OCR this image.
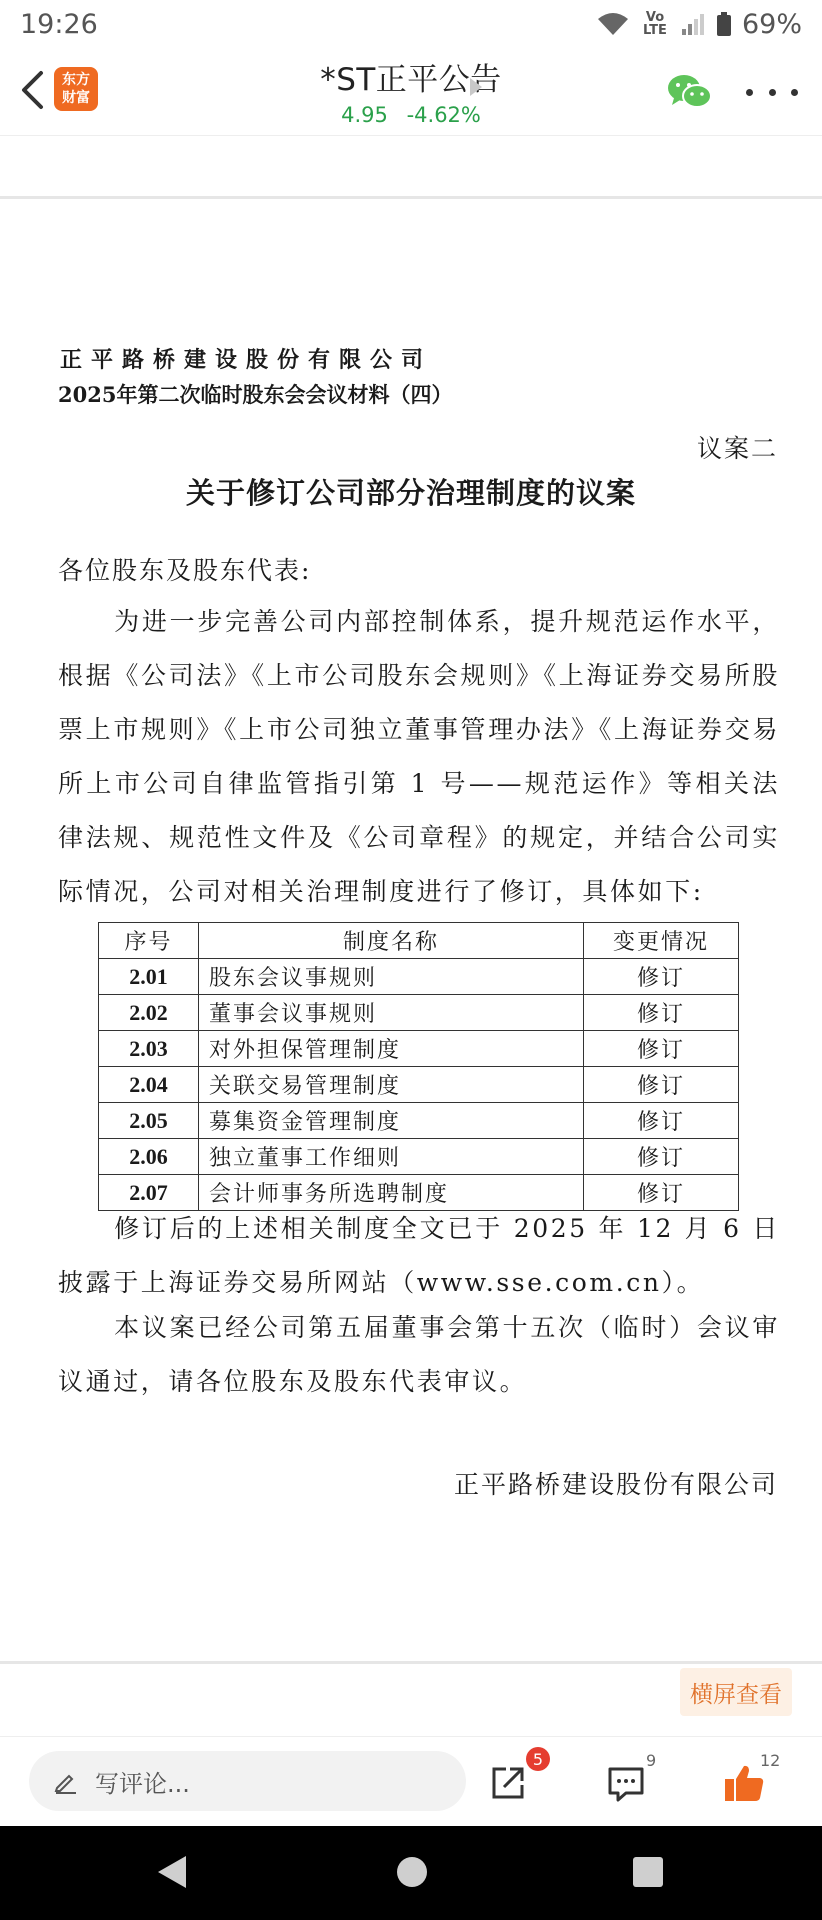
19:26	Vo LTE	69%
东方
财富	*ST正平公告
4.95 -4.62%
正平路桥建设股份有限公司
2025年第二次临时股东会会议材料（四）
议案二
关于修订公司部分治理制度的议案
各位股东及股东代表:
为进一步完善公司内部控制体系，提升规范运作水平，根据《公司法》《上市公司股东会规则》《上海证券交易所股票上市规则》《上市公司独立董事管理办法》《上海证券交易所上市公司自律监管指引第 1 号——规范运作》等相关法律法规、规范性文件及《公司章程》的规定，并结合公司实际情况，公司对相关治理制度进行了修订，具体如下:
序号	制度名称	变更情况
2.01	股东会议事规则	修订
2.02	董事会议事规则	修订
2.03	对外担保管理制度	修订
2.04	关联交易管理制度	修订
2.05	募集资金管理制度	修订
2.06	独立董事工作细则	修订
2.07	会计师事务所选聘制度	修订
修订后的上述相关制度全文已于 2025 年 12 月 6 日披露于上海证券交易所网站（www.sse.com.cn）。
本议案已经公司第五届董事会第十五次（临时）会议审议通过，请各位股东及股东代表审议。
正平路桥建设股份有限公司
横屏查看
写评论...
5	9	12
